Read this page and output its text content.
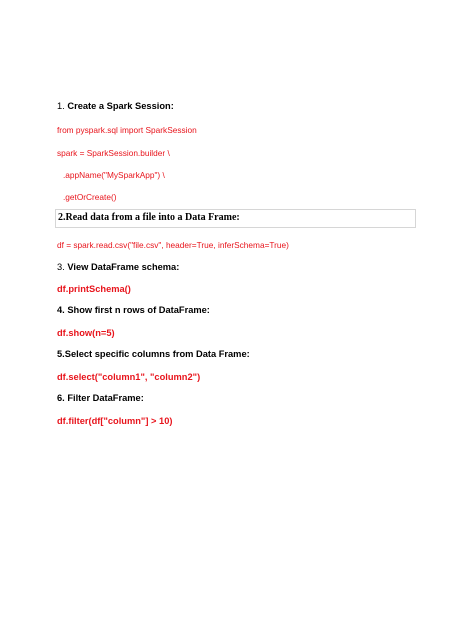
1. Create a Spark Session:
from pyspark.sql import SparkSession
spark = SparkSession.builder \
.appName("MySparkApp") \
.getOrCreate()
2.Read data from a file into a Data Frame:
df = spark.read.csv("file.csv", header=True, inferSchema=True)
3. View DataFrame schema:
df.printSchema()
4. Show first n rows of DataFrame:
df.show(n=5)
5.Select specific columns from Data Frame:
df.select("column1", "column2")
6. Filter DataFrame:
df.filter(df["column"] > 10)
